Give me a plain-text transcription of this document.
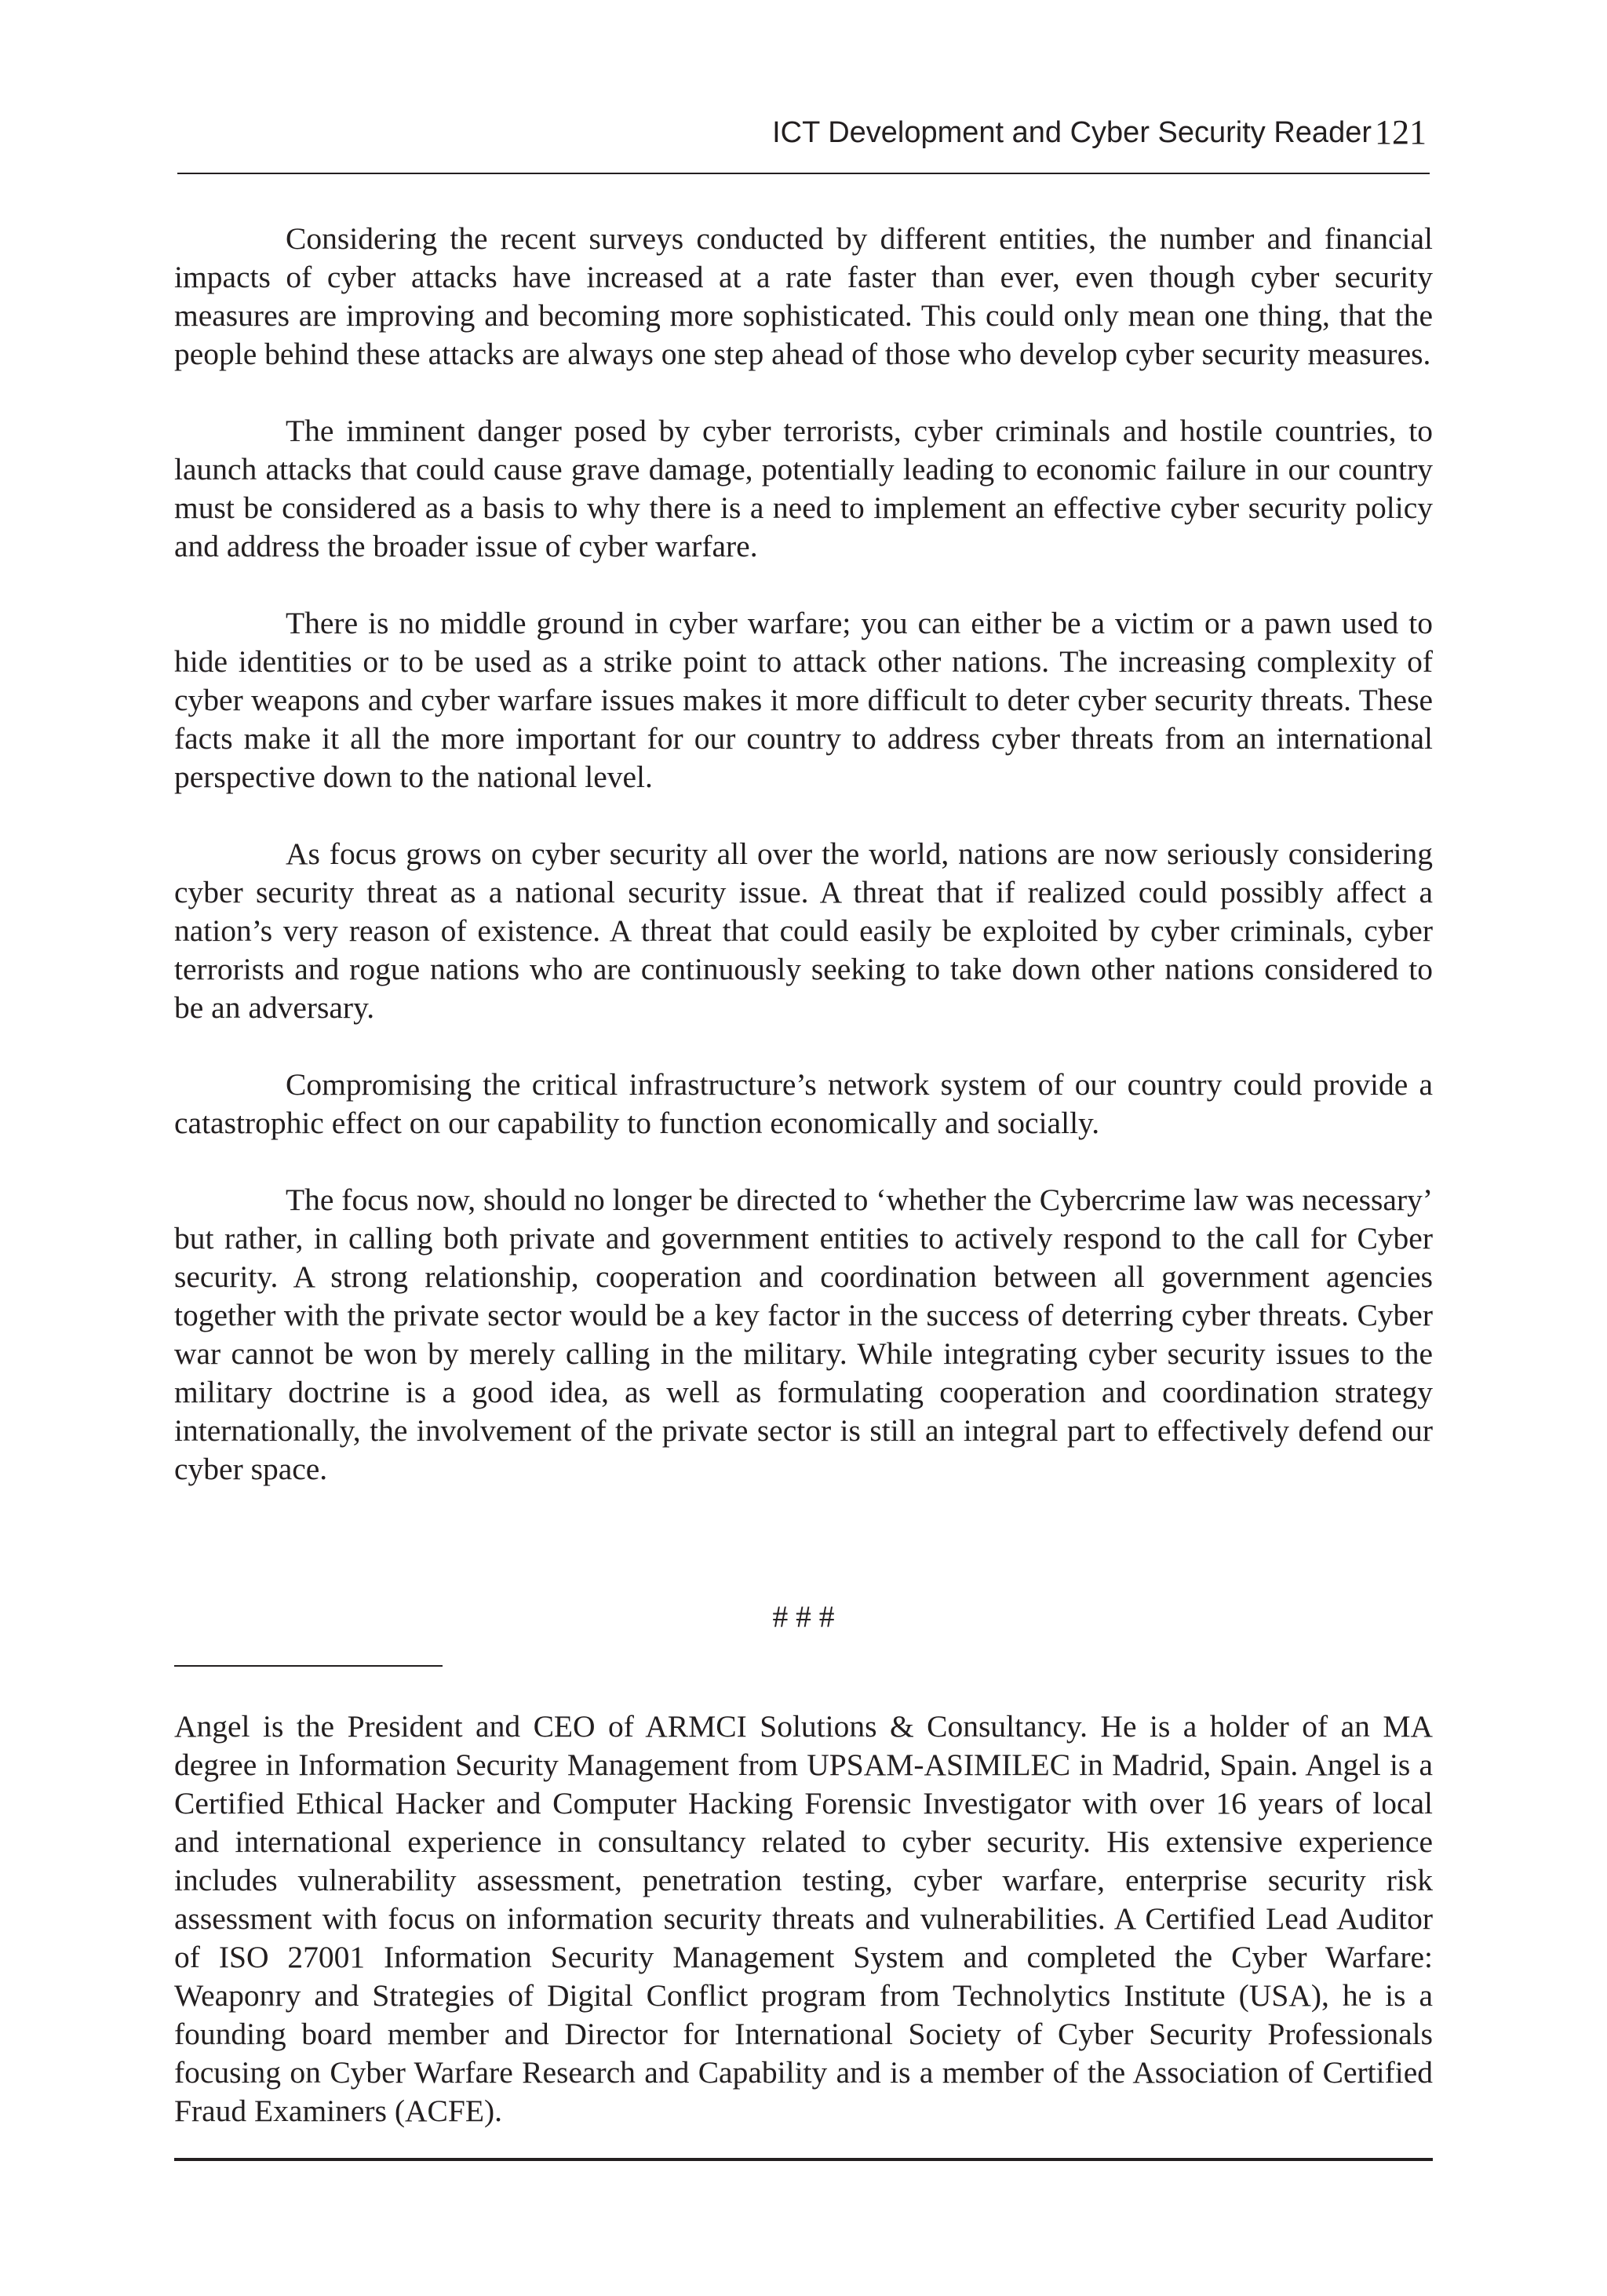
ICT Development and Cyber Security Reader 121

Considering the recent surveys conducted by different entities, the number and financial impacts of cyber attacks have increased at a rate faster than ever, even though cyber security measures are improving and becoming more sophisticated. This could only mean one thing, that the people behind these attacks are always one step ahead of those who develop cyber security measures.

The imminent danger posed by cyber terrorists, cyber criminals and hostile countries, to launch attacks that could cause grave damage, potentially leading to economic failure in our country must be considered as a basis to why there is a need to implement an effective cyber security policy and address the broader issue of cyber warfare.

There is no middle ground in cyber warfare; you can either be a victim or a pawn used to hide identities or to be used as a strike point to attack other nations. The increasing complexity of cyber weapons and cyber warfare issues makes it more difficult to deter cyber security threats. These facts make it all the more important for our country to address cyber threats from an international perspective down to the national level.

As focus grows on cyber security all over the world, nations are now seriously considering cyber security threat as a national security issue. A threat that if realized could possibly affect a nation’s very reason of existence. A threat that could easily be exploited by cyber criminals, cyber terrorists and rogue nations who are continuously seeking to take down other nations considered to be an adversary.

Compromising the critical infrastructure’s network system of our country could provide a catastrophic effect on our capability to function economically and socially.

The focus now, should no longer be directed to ‘whether the Cybercrime law was necessary’ but rather, in calling both private and government entities to actively respond to the call for Cyber security. A strong relationship, cooperation and coordination between all government agencies together with the private sector would be a key factor in the success of deterring cyber threats. Cyber war cannot be won by merely calling in the military. While integrating cyber security issues to the military doctrine is a good idea, as well as formulating cooperation and coordination strategy internationally, the involvement of the private sector is still an integral part to effectively defend our cyber space.

# # #

Angel is the President and CEO of ARMCI Solutions & Consultancy. He is a holder of an MA degree in Information Security Management from UPSAM-ASIMILEC in Madrid, Spain. Angel is a Certified Ethical Hacker and Computer Hacking Forensic Investigator with over 16 years of local and international experience in consultancy related to cyber security. His extensive experience includes vulnerability assessment, penetration testing, cyber warfare, enterprise security risk assessment with focus on information security threats and vulnerabilities. A Certified Lead Auditor of ISO 27001 Information Security Management System and completed the Cyber Warfare: Weaponry and Strategies of Digital Conflict program from Technolytics Institute (USA), he is a founding board member and Director for International Society of Cyber Security Professionals focusing on Cyber Warfare Research and Capability and is a member of the Association of Certified Fraud Examiners (ACFE).
